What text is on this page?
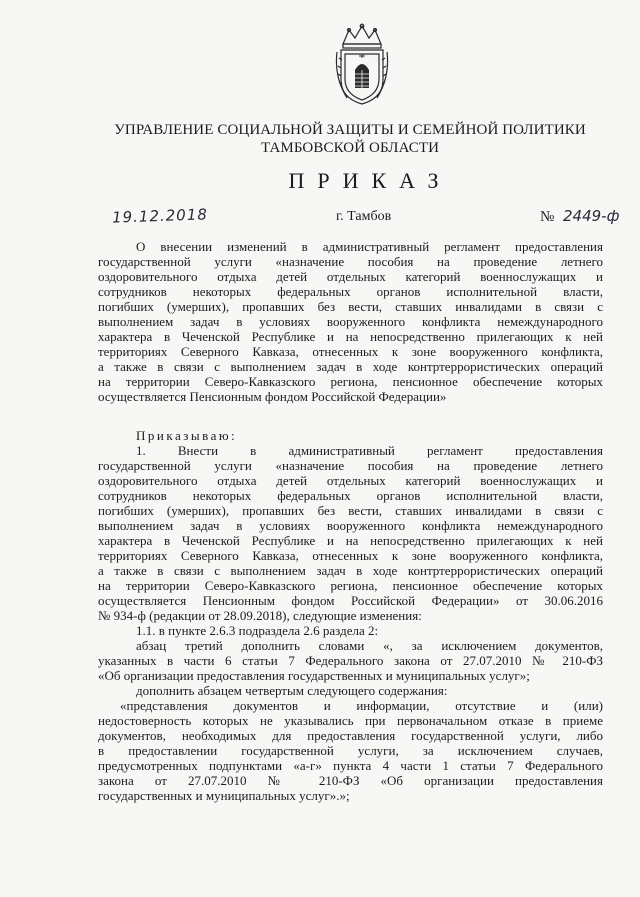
УПРАВЛЕНИЕ СОЦИАЛЬНОЙ ЗАЩИТЫ И СЕМЕЙНОЙ ПОЛИТИКИ
ТАМБОВСКОЙ ОБЛАСТИ
ПРИКАЗ
19.12.2018	г. Тамбов	№ 2449-ф
О внесении изменений в административный регламент предоставления
государственной услуги «назначение пособия на проведение летнего
оздоровительного отдыха детей отдельных категорий военнослужащих и
сотрудников некоторых федеральных органов исполнительной власти,
погибших (умерших), пропавших без вести, ставших инвалидами в связи с
выполнением задач в условиях вооруженного конфликта немеждународного
характера в Чеченской Республике и на непосредственно прилегающих к ней
территориях Северного Кавказа, отнесенных к зоне вооруженного конфликта,
а также в связи с выполнением задач в ходе контртеррористических операций
на территории Северо-Кавказского региона, пенсионное обеспечение которых
осуществляется Пенсионным фондом Российской Федерации»
Приказываю:
1. Внести в административный регламент предоставления
государственной услуги «назначение пособия на проведение летнего
оздоровительного отдыха детей отдельных категорий военнослужащих и
сотрудников некоторых федеральных органов исполнительной власти,
погибших (умерших), пропавших без вести, ставших инвалидами в связи с
выполнением задач в условиях вооруженного конфликта немеждународного
характера в Чеченской Республике и на непосредственно прилегающих к ней
территориях Северного Кавказа, отнесенных к зоне вооруженного конфликта,
а также в связи с выполнением задач в ходе контртеррористических операций
на территории Северо-Кавказского региона, пенсионное обеспечение которых
осуществляется Пенсионным фондом Российской Федерации» от 30.06.2016
№ 934-ф (редакции от 28.09.2018), следующие изменения:
1.1. в пункте 2.6.3 подраздела 2.6 раздела 2:
абзац третий дополнить словами «, за исключением документов,
указанных в части 6 статьи 7 Федерального закона от 27.07.2010 № 210-ФЗ
«Об организации предоставления государственных и муниципальных услуг»;
дополнить абзацем четвертым следующего содержания:
«представления документов и информации, отсутствие и (или)
недостоверность которых не указывались при первоначальном отказе в приеме
документов, необходимых для предоставления государственной услуги, либо
в предоставлении государственной услуги, за исключением случаев,
предусмотренных подпунктами «а-г» пункта 4 части 1 статьи 7 Федерального
закона от 27.07.2010 № 210-ФЗ «Об организации предоставления
государственных и муниципальных услуг».»;
